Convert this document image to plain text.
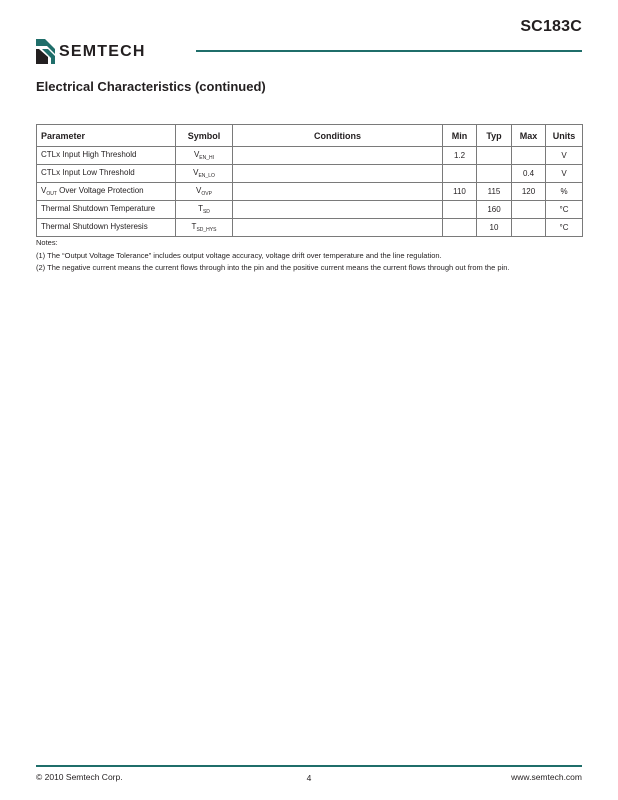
SC183C
SEMTECH
Electrical Characteristics (continued)
Parameter	Symbol	Conditions	Min	Typ	Max	Units
CTLx Input High Threshold	$V_{EN\_HI}$		1.2			V
CTLx Input Low Threshold	$V_{EN\_LO}$				0.4	V
$V_{OUT}$ Over Voltage Protection	$V_{OVP}$		110	115	120	%
Thermal Shutdown Temperature	$T_{SD}$			160		°C
Thermal Shutdown Hysteresis	$T_{SD\_HYS}$			10		°C
Notes:
(1) The “Output Voltage Tolerance” includes output voltage accuracy, voltage drift over temperature and the line regulation.
(2) The negative current means the current flows through into the pin and the positive current means the current flows through out from the pin.
© 2010 Semtech Corp.	4	www.semtech.com
